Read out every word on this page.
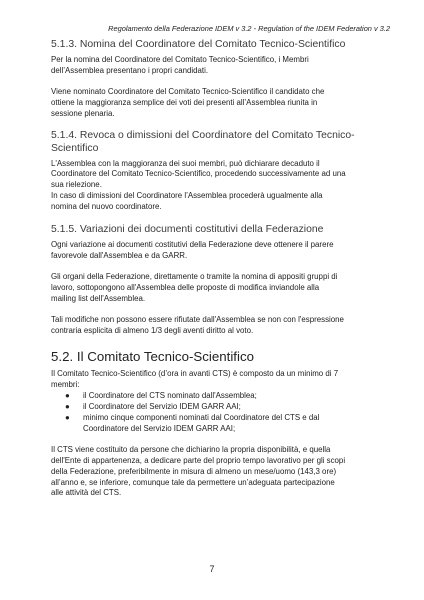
Regolamento della Federazione IDEM v 3.2 - Regulation of the IDEM Federation v 3.2
5.1.3. Nomina del Coordinatore del Comitato Tecnico-Scientifico
Per la nomina del Coordinatore del Comitato Tecnico-Scientifico, i Membri
dell’Assemblea presentano i propri candidati.
Viene nominato Coordinatore del Comitato Tecnico-Scientifico il candidato che
ottiene la maggioranza semplice dei voti dei presenti all’Assemblea riunita in
sessione plenaria.
5.1.4. Revoca o dimissioni del Coordinatore del Comitato Tecnico-
Scientifico
L'Assemblea con la maggioranza dei suoi membri, può dichiarare decaduto il
Coordinatore del Comitato Tecnico-Scientifico, procedendo successivamente ad una
sua rielezione.
In caso di dimissioni del Coordinatore l’Assemblea procederà ugualmente alla
nomina del nuovo coordinatore.
5.1.5. Variazioni dei documenti costitutivi della Federazione
Ogni variazione ai documenti costitutivi della Federazione deve ottenere il parere
favorevole dall'Assemblea e da GARR.
Gli organi della Federazione, direttamente o tramite la nomina di appositi gruppi di
lavoro, sottopongono all'Assemblea delle proposte di modifica inviandole alla
mailing list dell'Assemblea.
Tali modifiche non possono essere rifiutate dall'Assemblea se non con l'espressione
contraria esplicita di almeno 1/3 degli aventi diritto al voto.
5.2. Il Comitato Tecnico-Scientifico
Il Comitato Tecnico-Scientifico (d’ora in avanti CTS) è composto da un minimo di 7
membri:
● il Coordinatore del CTS nominato dall'Assemblea;
● il Coordinatore del Servizio IDEM GARR AAI;
● minimo cinque componenti nominati dal Coordinatore del CTS e dal
Coordinatore del Servizio IDEM GARR AAI;
Il CTS viene costituito da persone che dichiarino la propria disponibilità, e quella
dell'Ente di appartenenza, a dedicare parte del proprio tempo lavorativo per gli scopi
della Federazione, preferibilmente in misura di almeno un mese/uomo (143,3 ore)
all’anno e, se inferiore, comunque tale da permettere un’adeguata partecipazione
alle attività del CTS.
7
